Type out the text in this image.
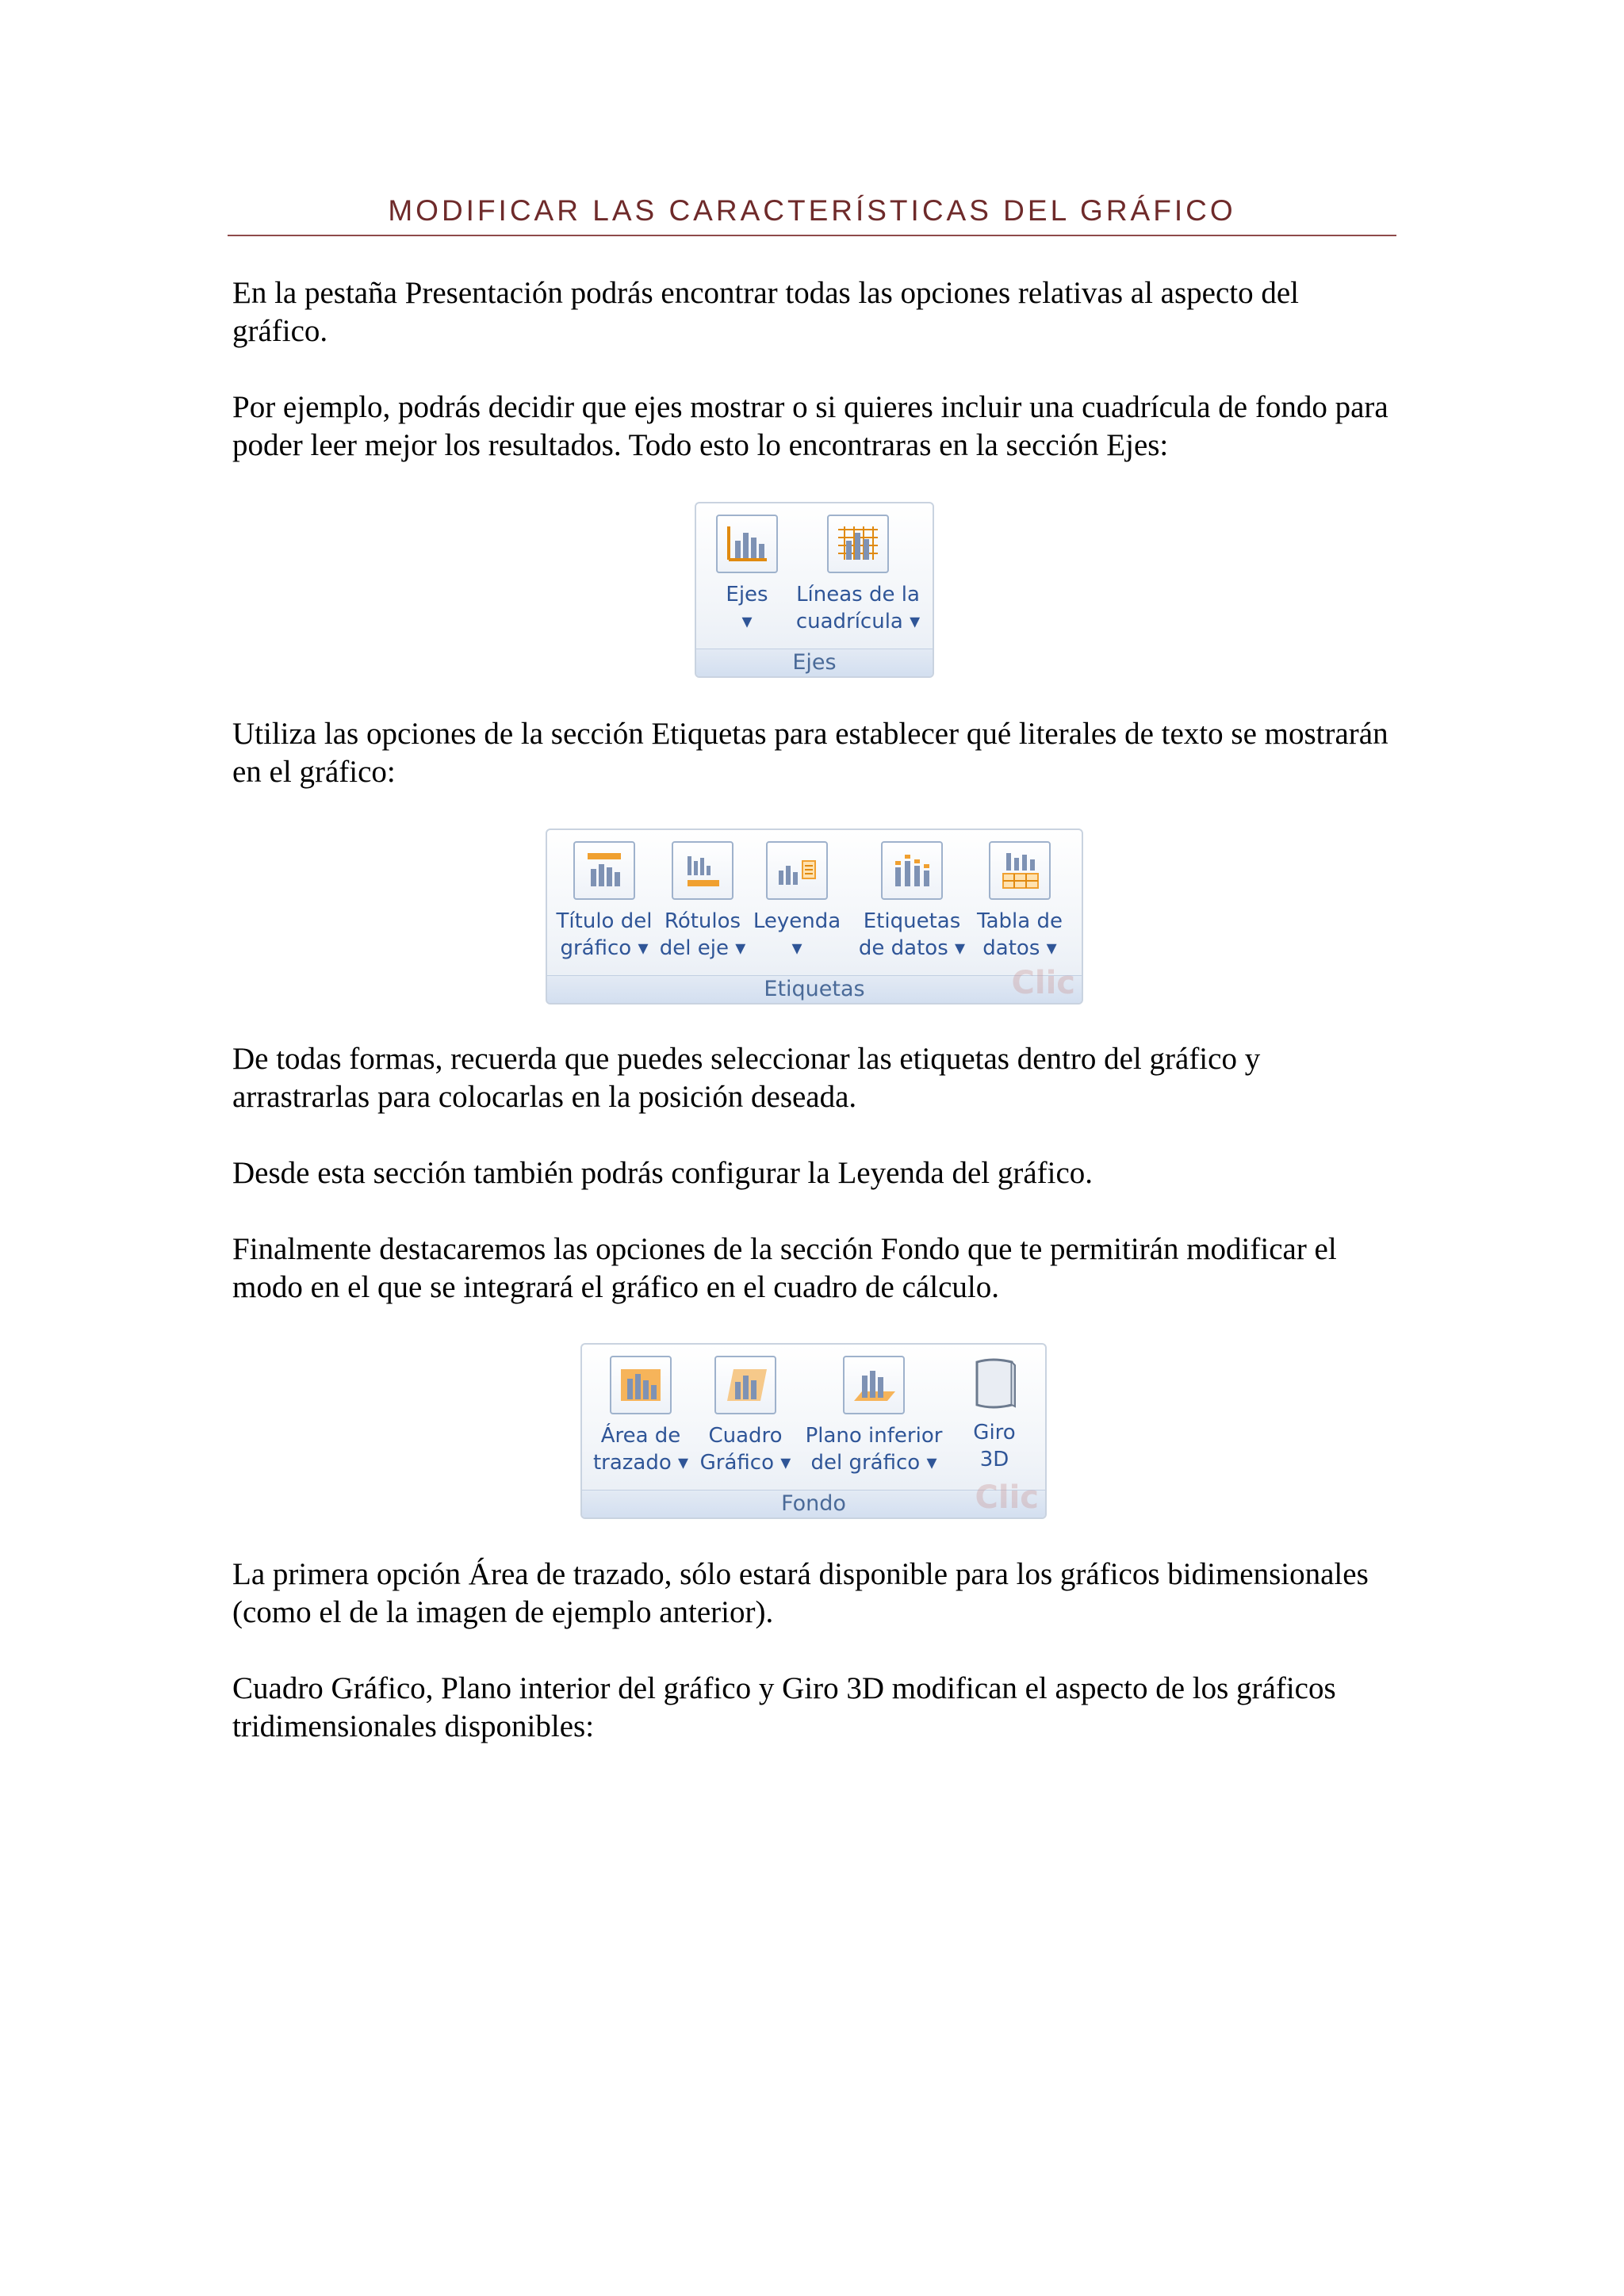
MODIFICAR LAS CARACTERÍSTICAS DEL GRÁFICO

En la pestaña Presentación podrás encontrar todas las opciones relativas al aspecto del gráfico.

Por ejemplo, podrás decidir que ejes mostrar o si quieres incluir una cuadrícula de fondo para poder leer mejor los resultados. Todo esto lo encontraras en la sección Ejes:

Ejes
▾
Líneas de la
cuadrícula ▾
Ejes

Utiliza las opciones de la sección Etiquetas para establecer qué literales de texto se mostrarán en el gráfico:

Título del
gráfico ▾
Rótulos
del eje ▾
Leyenda
▾
Etiquetas
de datos ▾
Tabla de
datos ▾
Etiquetas	Clic

De todas formas, recuerda que puedes seleccionar las etiquetas dentro del gráfico y arrastrarlas para colocarlas en la posición deseada.

Desde esta sección también podrás configurar la Leyenda del gráfico.

Finalmente destacaremos las opciones de la sección Fondo que te permitirán modificar el modo en el que se integrará el gráfico en el cuadro de cálculo.

Área de
trazado ▾
Cuadro
Gráfico ▾
Plano inferior
del gráfico ▾
Giro
3D
Fondo	Clic

La primera opción Área de trazado, sólo estará disponible para los gráficos bidimensionales (como el de la imagen de ejemplo anterior).

Cuadro Gráfico, Plano interior del gráfico y Giro 3D modifican el aspecto de los gráficos tridimensionales disponibles:
